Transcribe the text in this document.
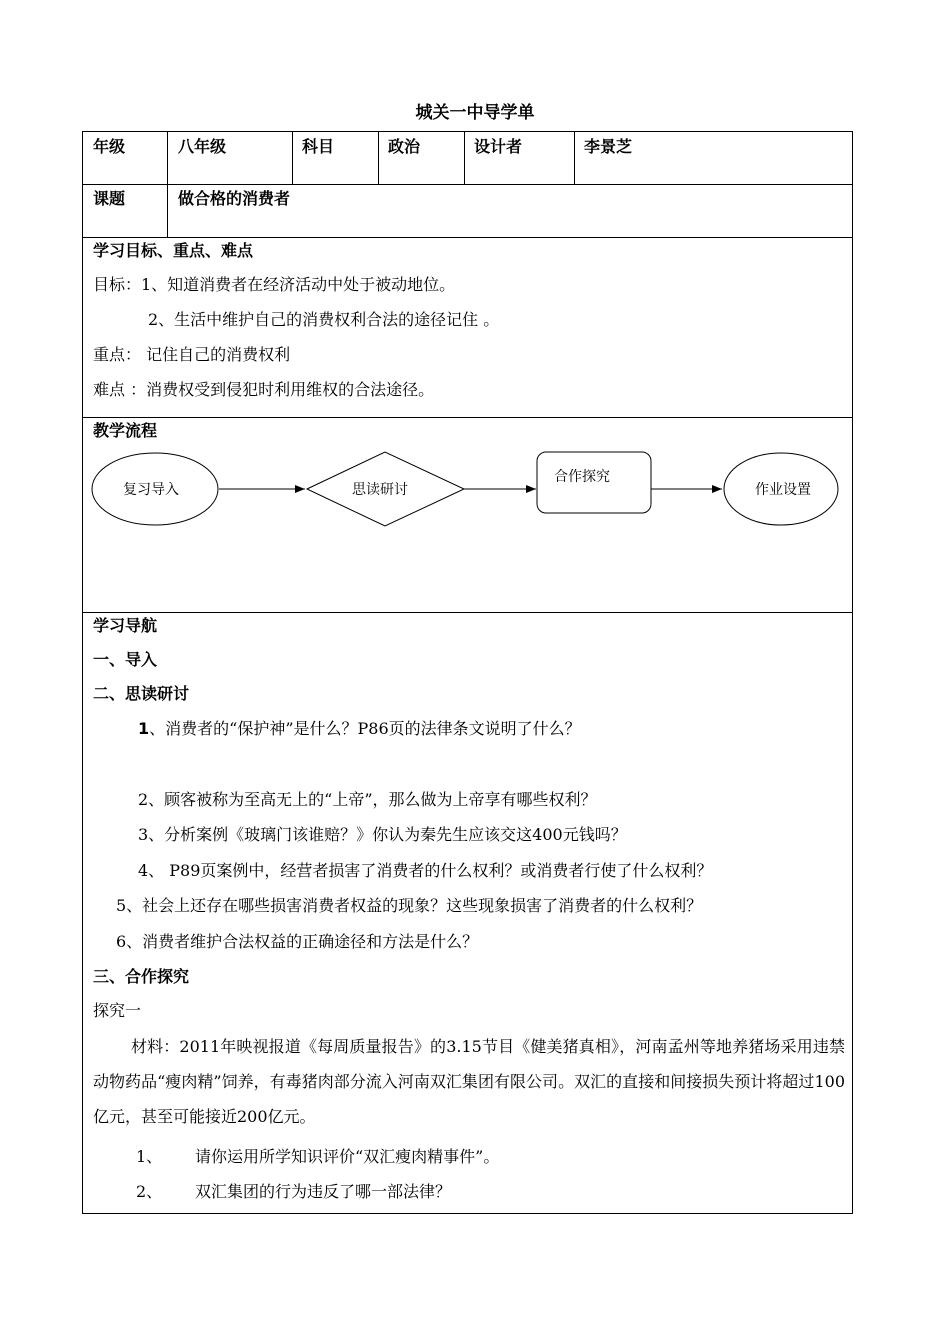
城关一中导学单
年级	八年级	科目	政治	设计者	李景芝
课题	做合格的消费者
学习目标、重点、难点
目标：1、知道消费者在经济活动中处于被动地位。
2、生活中维护自己的消费权利合法的途径记住 。
重点： 记住自己的消费权利
难点 ：消费权受到侵犯时利用维权的合法途径。
教学流程
复习导入	思读研讨
合作探究
作业设置
学习导航
一、导入
二、思读研讨
1、消费者的“保护神”是什么？P86页的法律条文说明了什么？
2、顾客被称为至高无上的“上帝”，那么做为上帝享有哪些权利？
3、分析案例《玻璃门该谁赔？》你认为秦先生应该交这400元钱吗？
4、 P89页案例中，经营者损害了消费者的什么权利？或消费者行使了什么权利？
5、社会上还存在哪些损害消费者权益的现象？这些现象损害了消费者的什么权利？
6、消费者维护合法权益的正确途径和方法是什么？
三、合作探究
探究一
材料：2011年映视报道《每周质量报告》的3.15节目《健美猪真相》，河南孟州等地养猪场采用违禁动物药品“瘦肉精”饲养，有毒猪肉部分流入河南双汇集团有限公司。双汇的直接和间接损失预计将超过100亿元，甚至可能接近200亿元。
1、 请你运用所学知识评价“双汇瘦肉精事件”。
2、 双汇集团的行为违反了哪一部法律？
